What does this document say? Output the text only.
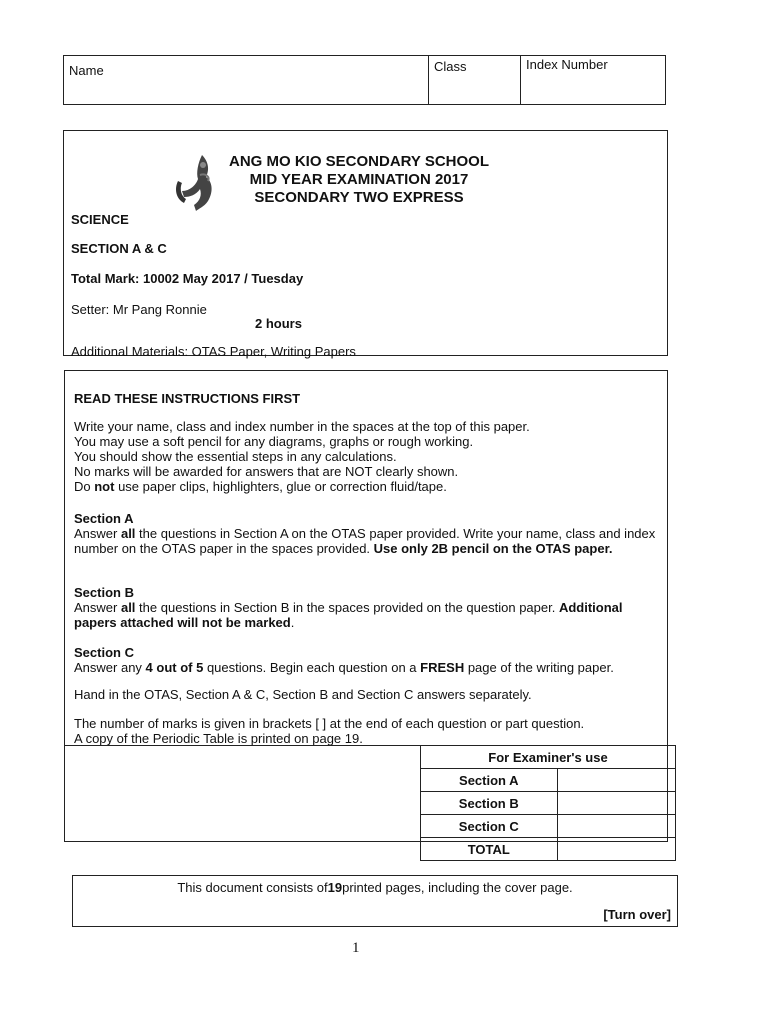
Name	Class	Index Number
ANG MO KIO SECONDARY SCHOOL
MID YEAR EXAMINATION 2017
SECONDARY TWO EXPRESS
SCIENCE
SECTION A & C
Total Mark: 10002 May 2017 / Tuesday
Setter: Mr Pang Ronnie
2 hours
Additional Materials: OTAS Paper, Writing Papers
READ THESE INSTRUCTIONS FIRST

Write your name, class and index number in the spaces at the top of this paper.

You may use a soft pencil for any diagrams, graphs or rough working.

You should show the essential steps in any calculations.

No marks will be awarded for answers that are NOT clearly shown.

Do not use paper clips, highlighters, glue or correction fluid/tape.

Section A

Answer all the questions in Section A on the OTAS paper provided. Write your name, class and index number on the OTAS paper in the spaces provided. Use only 2B pencil on the OTAS paper.

Section B

Answer all the questions in Section B in the spaces provided on the question paper. Additional papers attached will not be marked.

Section C

Answer any 4 out of 5 questions. Begin each question on a FRESH page of the writing paper.

Hand in the OTAS, Section A & C, Section B and Section C answers separately.
The number of marks is given in brackets [ ] at the end of each question or part question.
A copy of the Periodic Table is printed on page 19.
For Examiner's use	
Section A	
Section B	
Section C	
TOTAL	
This document consists of19printed pages, including the cover page.
[Turn over]
1
